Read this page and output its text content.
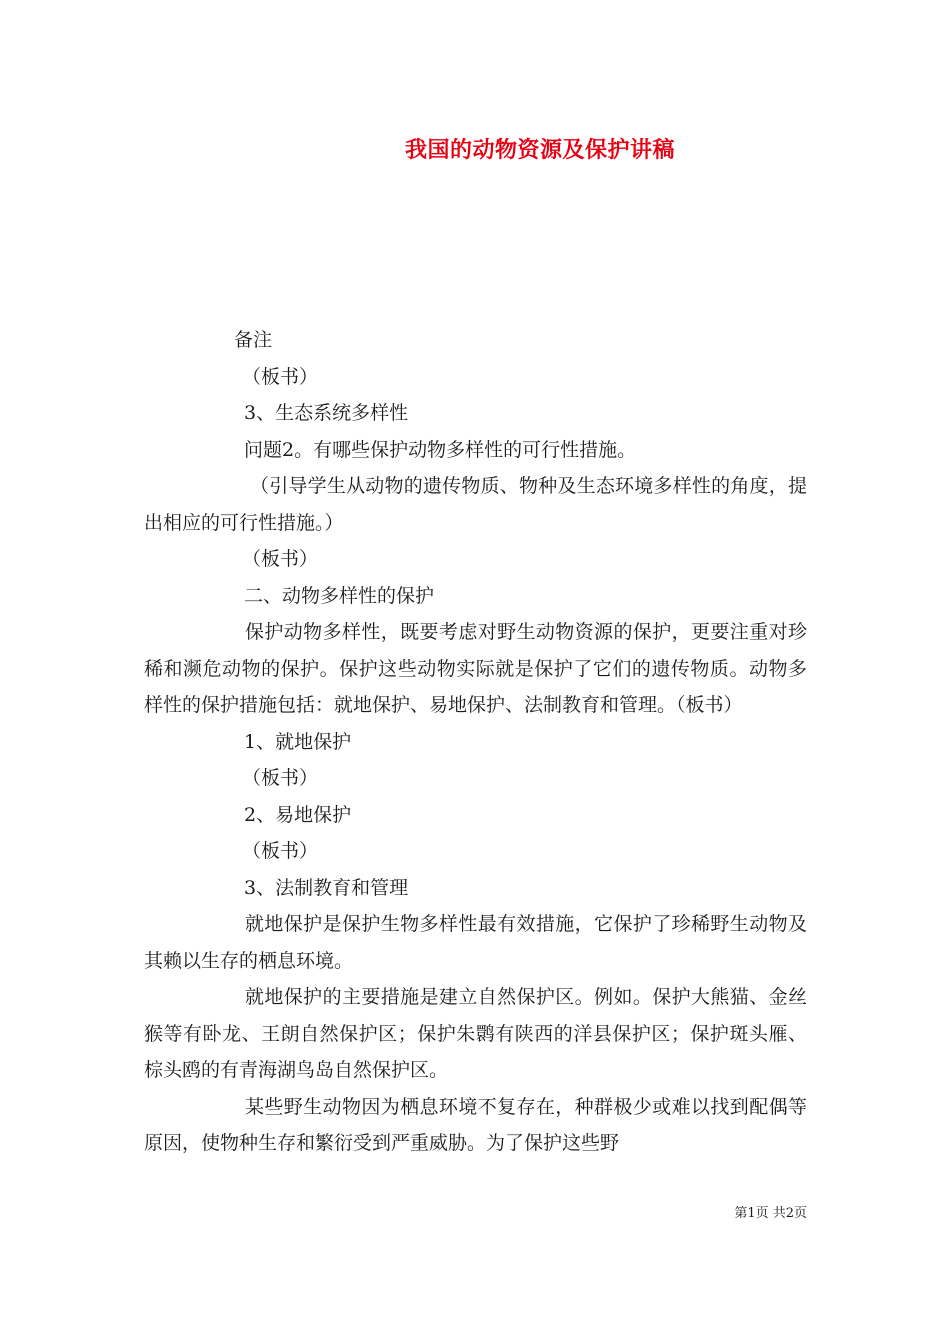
我国的动物资源及保护讲稿

备注

（板书）

3、生态系统多样性

问题2。有哪些保护动物多样性的可行性措施。

（引导学生从动物的遗传物质、物种及生态环境多样性的角度，提出相应的可行性措施。）

（板书）

二、动物多样性的保护

保护动物多样性，既要考虑对野生动物资源的保护，更要注重对珍稀和濒危动物的保护。保护这些动物实际就是保护了它们的遗传物质。动物多样性的保护措施包括：就地保护、易地保护、法制教育和管理。（板书）

1、就地保护

（板书）

2、易地保护

（板书）

3、法制教育和管理

就地保护是保护生物多样性最有效措施，它保护了珍稀野生动物及其赖以生存的栖息环境。

就地保护的主要措施是建立自然保护区。例如。保护大熊猫、金丝猴等有卧龙、王朗自然保护区；保护朱鹮有陕西的洋县保护区；保护斑头雁、棕头鸥的有青海湖鸟岛自然保护区。

某些野生动物因为栖息环境不复存在，种群极少或难以找到配偶等原因，使物种生存和繁衍受到严重威胁。为了保护这些野

第1页 共2页
